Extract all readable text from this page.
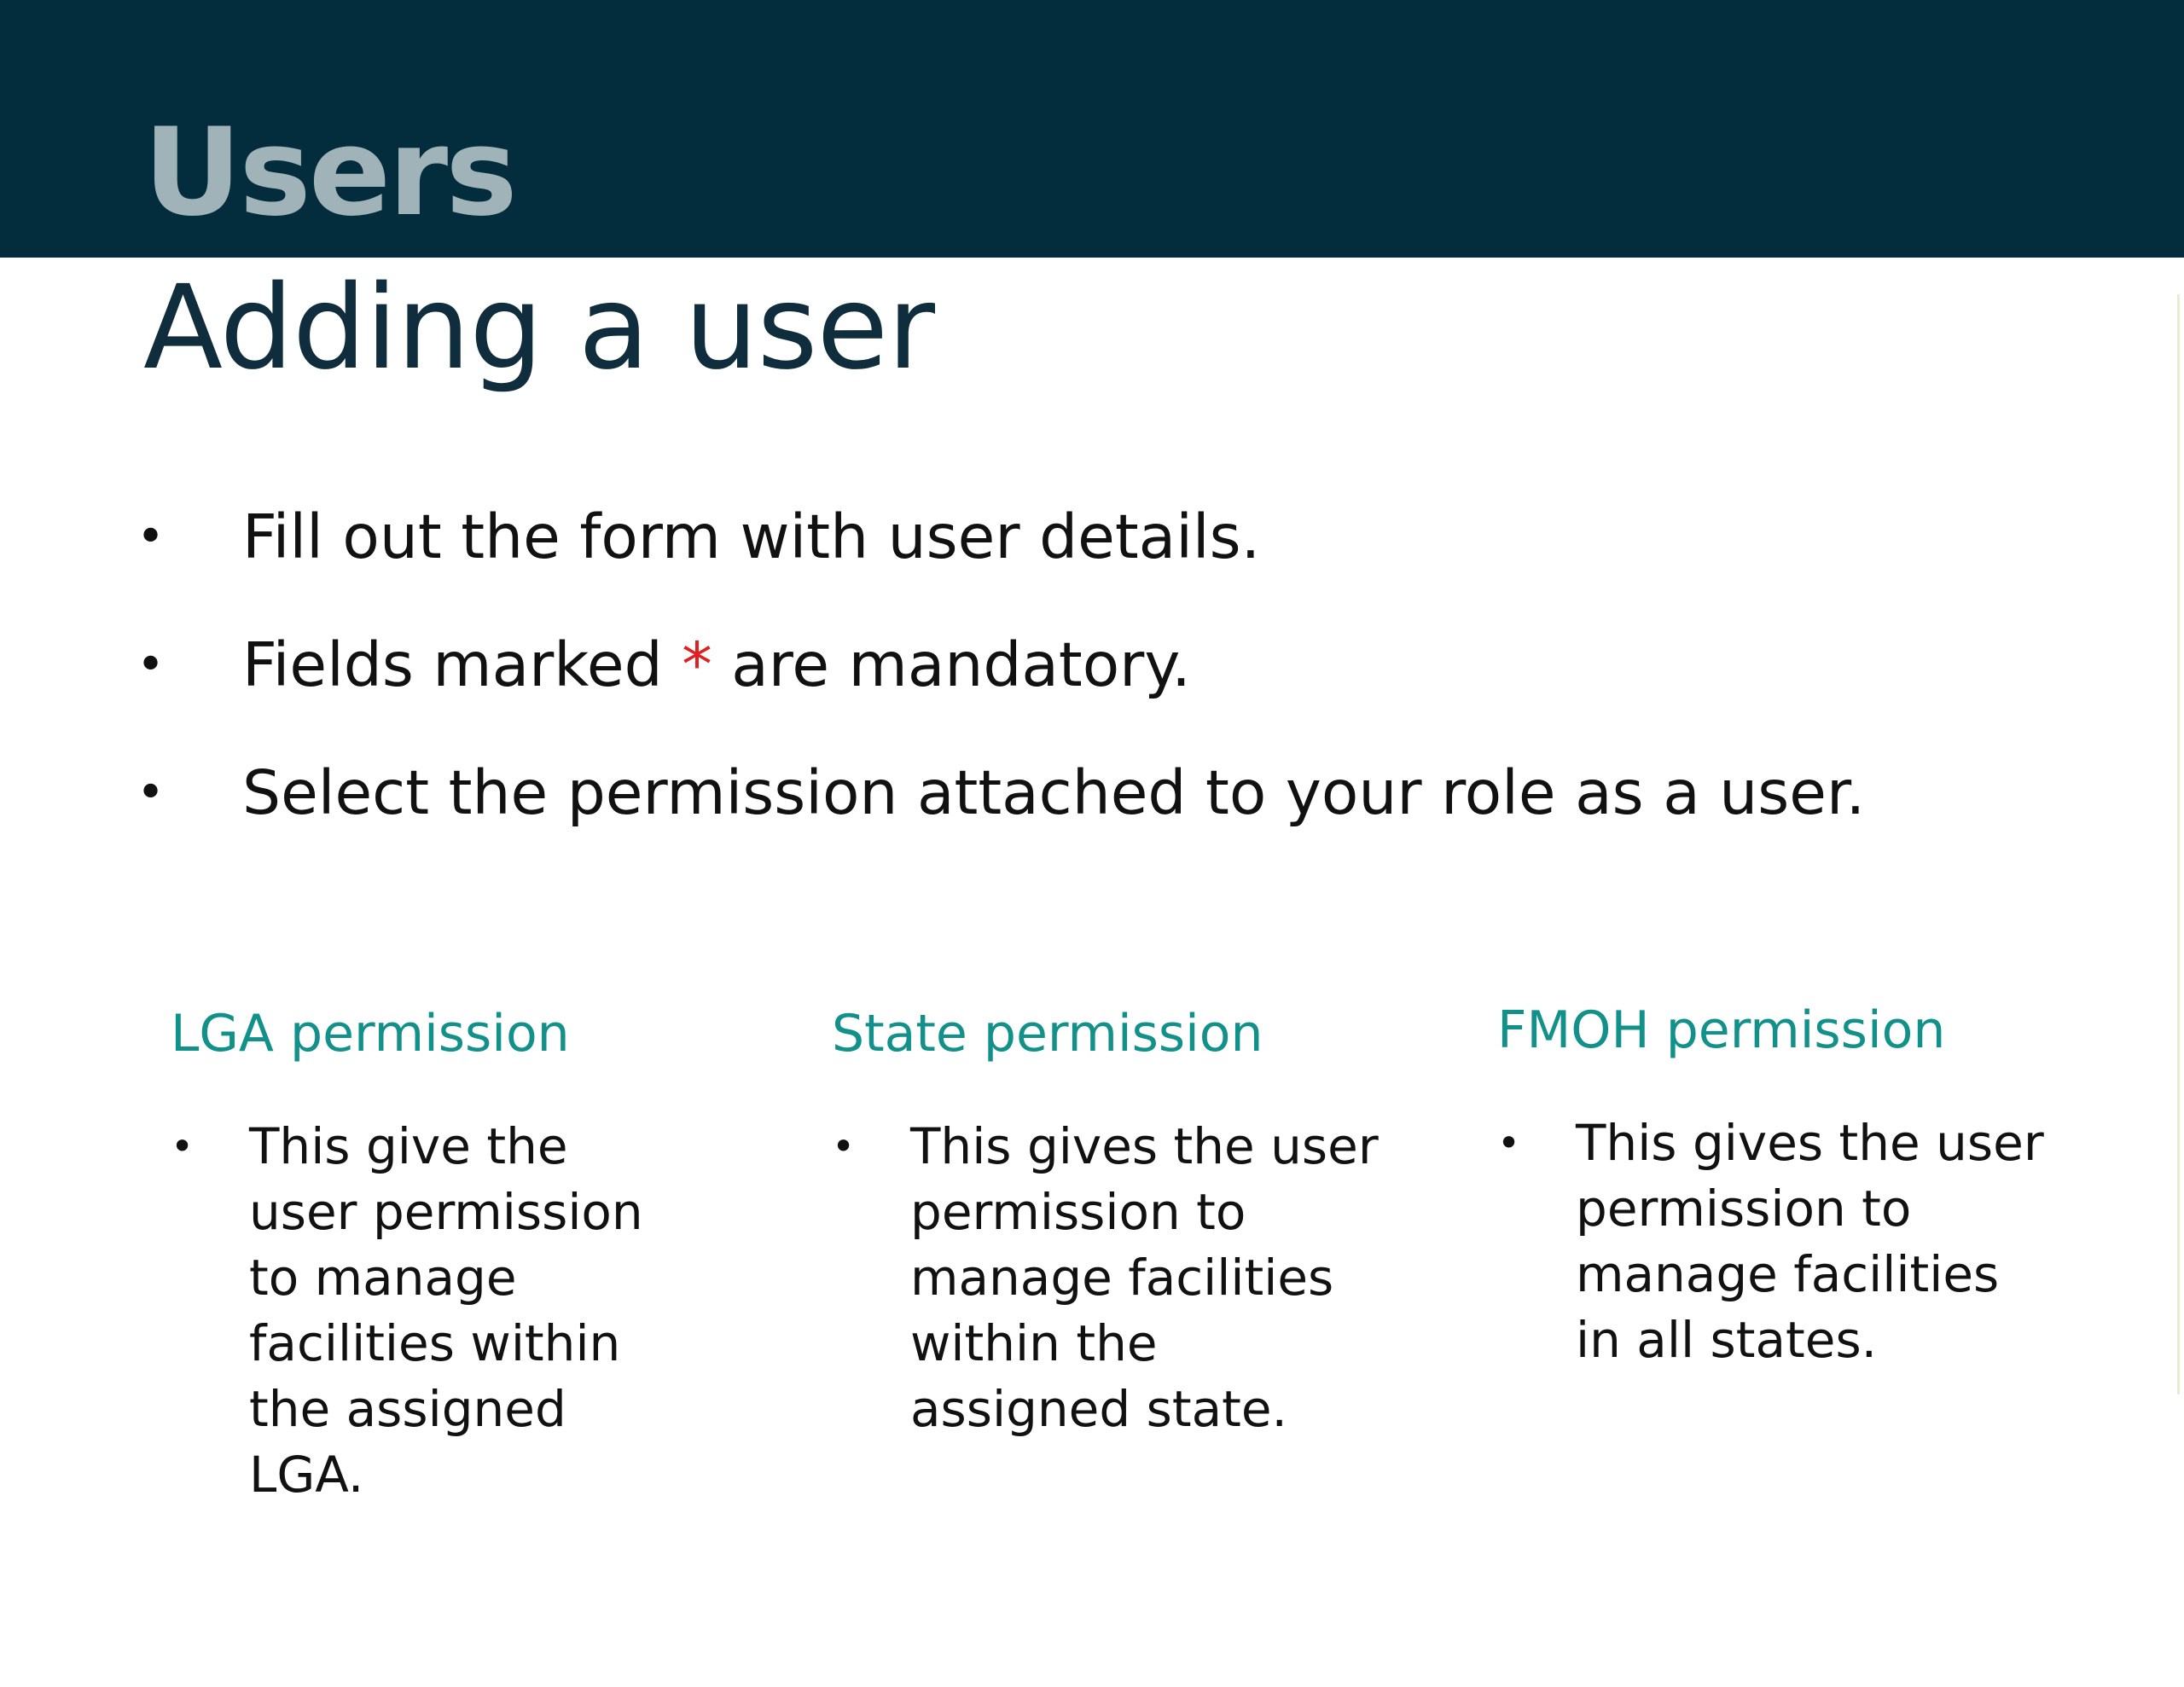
Users
Adding a user
• Fill out the form with user details.
• Fields marked * are mandatory.
• Select the permission attached to your role as a user.
LGA permission
• This give the
user permission
to manage
facilities within
the assigned
LGA.
State permission
• This gives the user
permission to
manage facilities
within the
assigned state.
FMOH permission
• This gives the user
permission to
manage facilities
in all states.
